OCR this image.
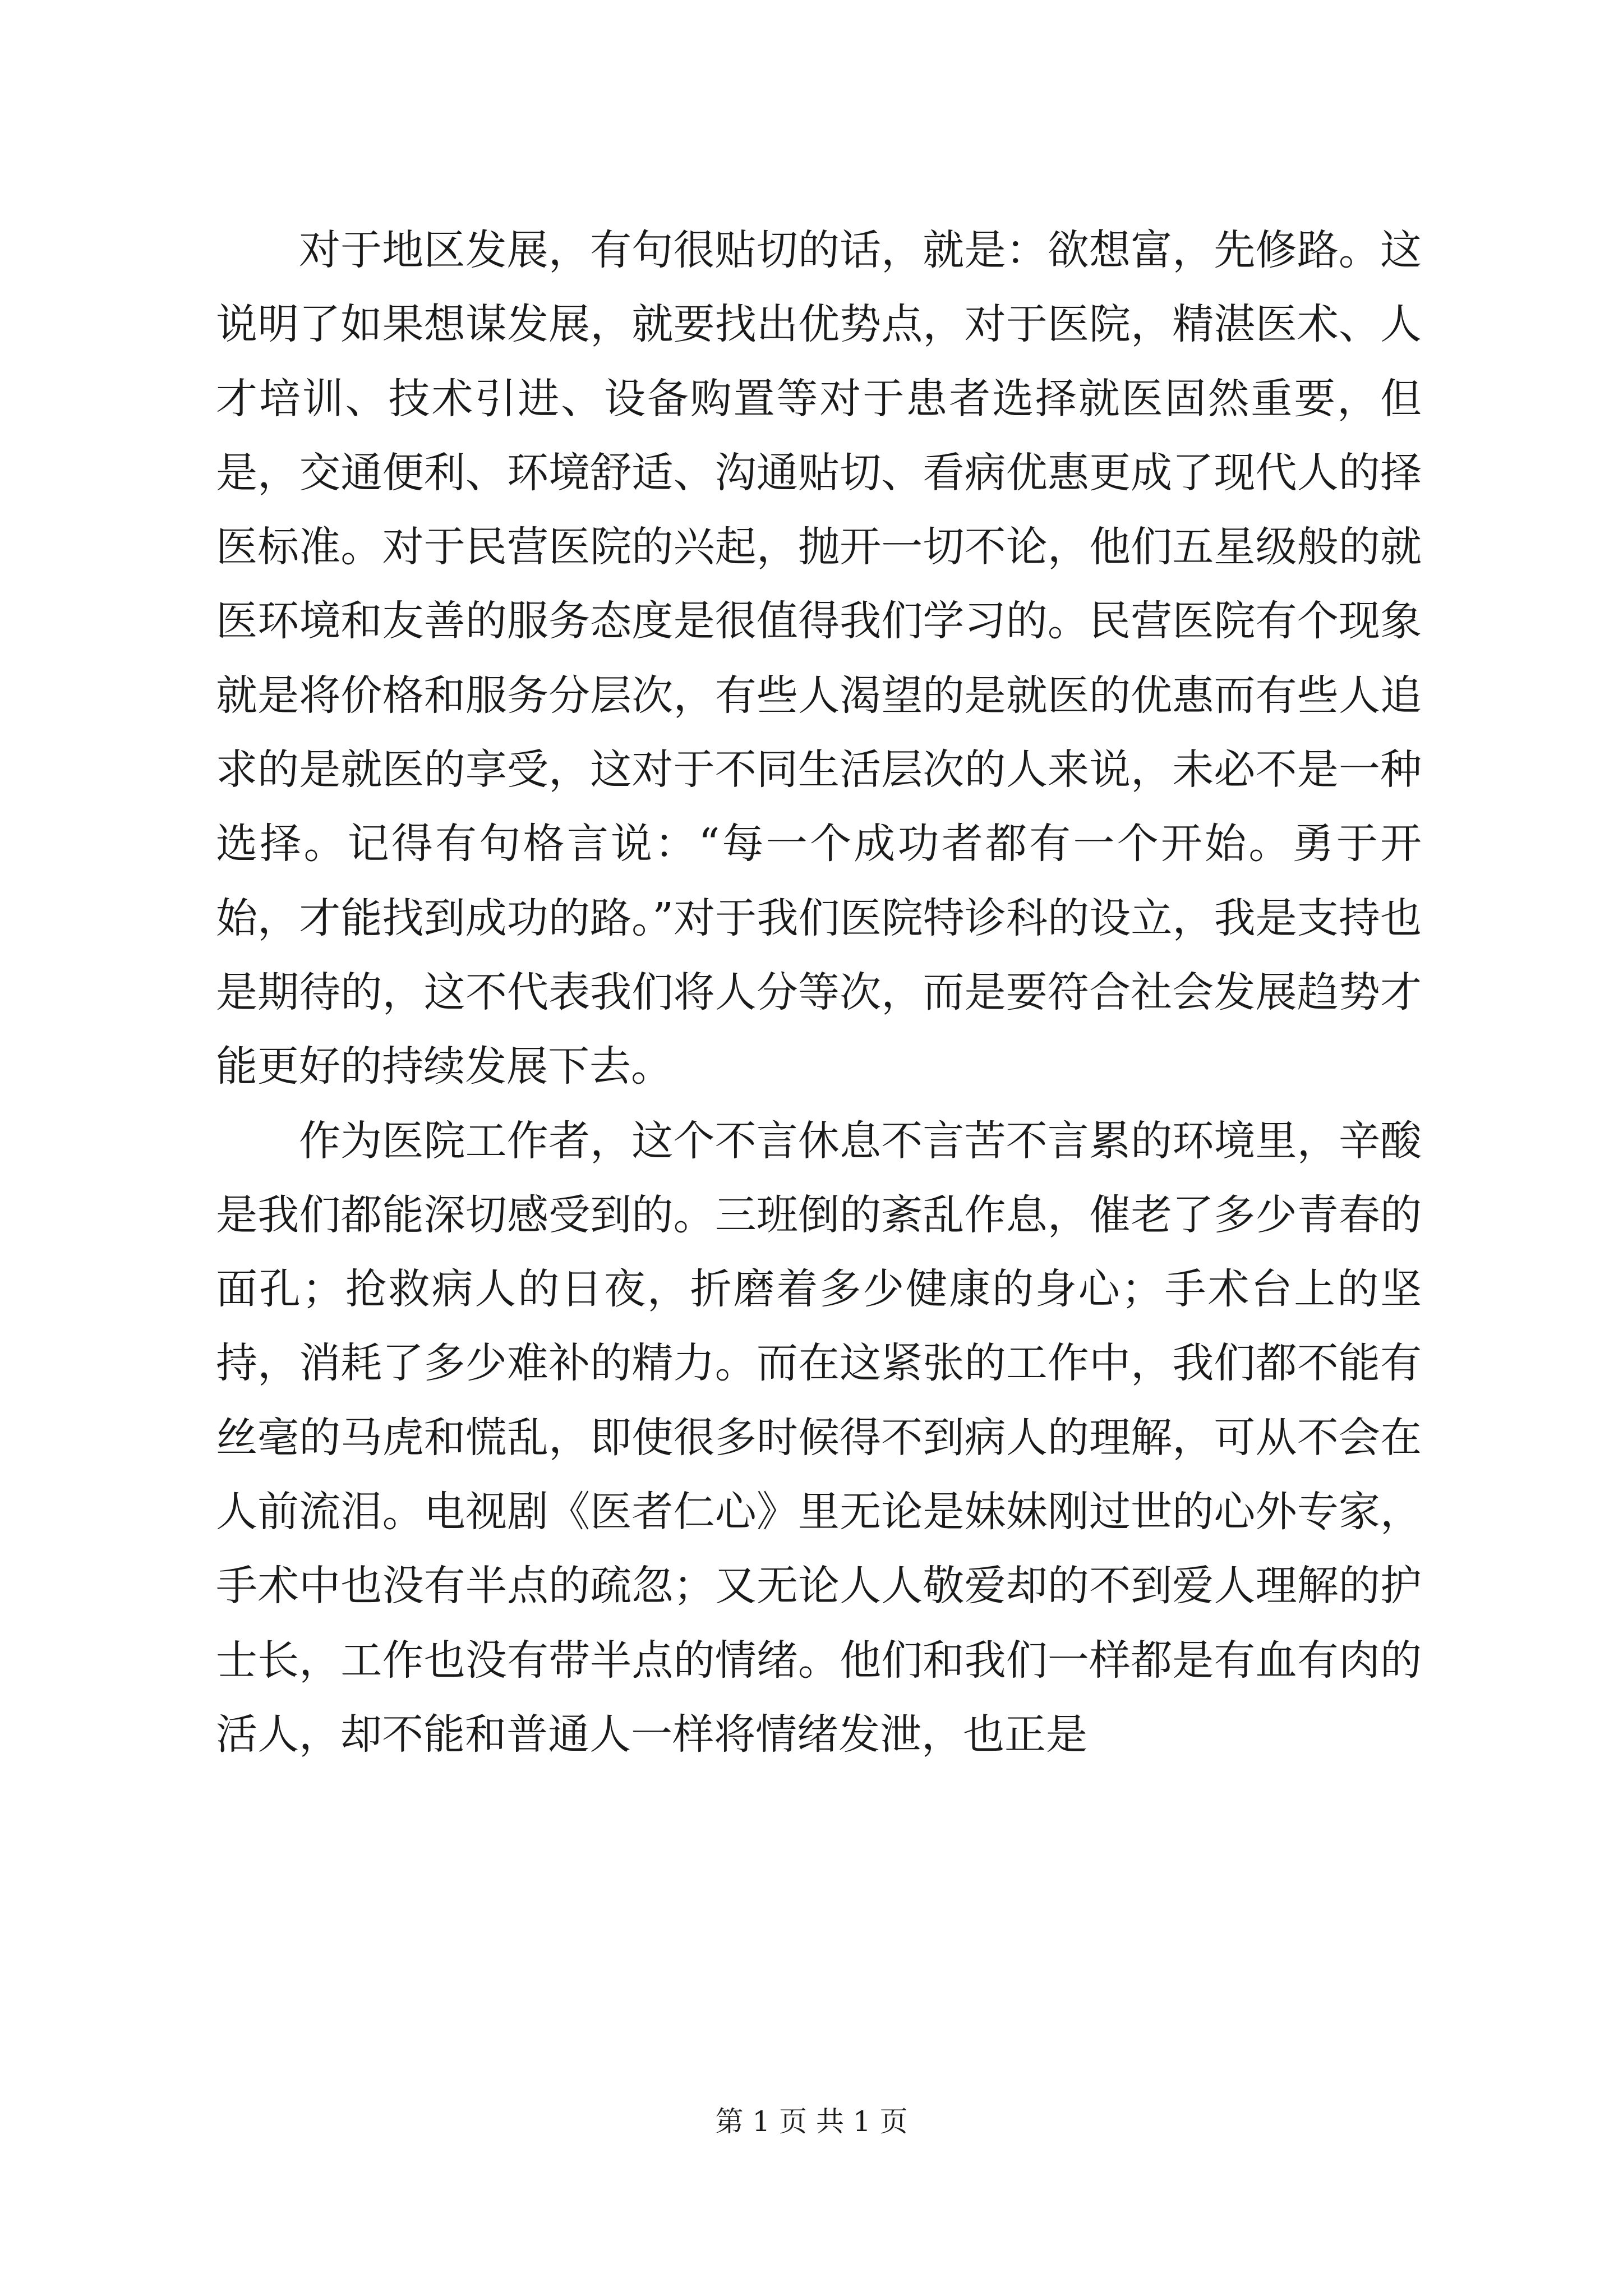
对于地区发展，有句很贴切的话，就是：欲想富，先修路。这说明了如果想谋发展，就要找出优势点，对于医院，精湛医术、人才培训、技术引进、设备购置等对于患者选择就医固然重要，但是，交通便利、环境舒适、沟通贴切、看病优惠更成了现代人的择医标准。对于民营医院的兴起，抛开一切不论，他们五星级般的就医环境和友善的服务态度是很值得我们学习的。民营医院有个现象就是将价格和服务分层次，有些人渴望的是就医的优惠而有些人追求的是就医的享受，这对于不同生活层次的人来说，未必不是一种选择。记得有句格言说：“每一个成功者都有一个开始。勇于开始，才能找到成功的路。”对于我们医院特诊科的设立，我是支持也是期待的，这不代表我们将人分等次，而是要符合社会发展趋势才能更好的持续发展下去。

作为医院工作者，这个不言休息不言苦不言累的环境里，辛酸是我们都能深切感受到的。三班倒的紊乱作息，催老了多少青春的面孔；抢救病人的日夜，折磨着多少健康的身心；手术台上的坚持，消耗了多少难补的精力。而在这紧张的工作中，我们都不能有丝毫的马虎和慌乱，即使很多时候得不到病人的理解，可从不会在人前流泪。电视剧《医者仁心》里无论是妹妹刚过世的心外专家，手术中也没有半点的疏忽；又无论人人敬爱却的不到爱人理解的护士长，工作也没有带半点的情绪。他们和我们一样都是有血有肉的活人，却不能和普通人一样将情绪发泄，也正是

第 1 页 共 1 页
